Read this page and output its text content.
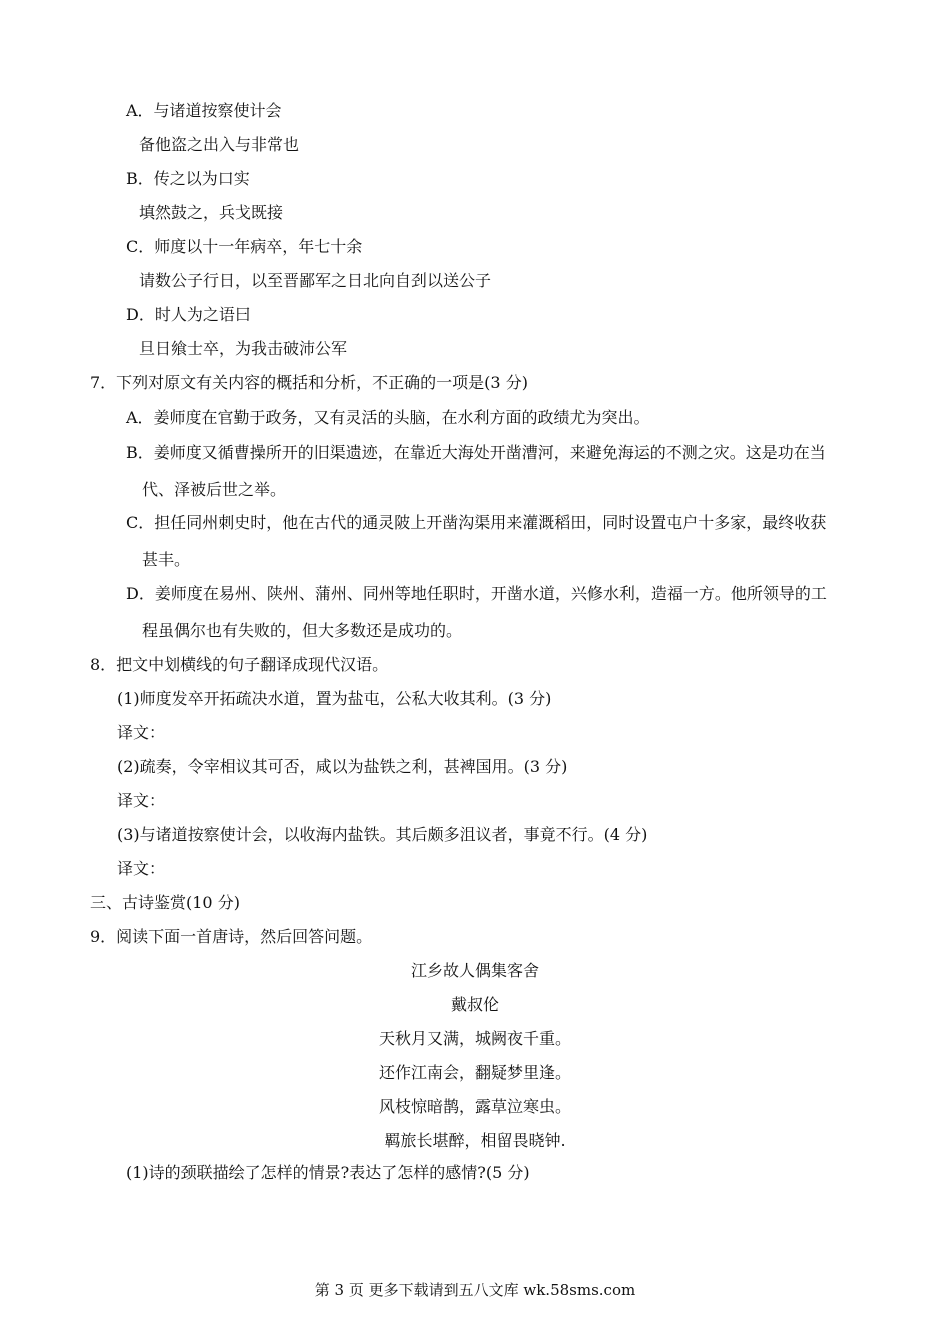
A．与诸道按察使计会
备他盗之出入与非常也
B．传之以为口实
填然鼓之，兵戈既接
C．师度以十一年病卒，年七十余
请数公子行日，以至晋鄙军之日北向自刭以送公子
D．时人为之语曰
旦日飨士卒，为我击破沛公军
7．下列对原文有关内容的概括和分析，不正确的一项是(3 分)
A．姜师度在官勤于政务，又有灵活的头脑，在水利方面的政绩尤为突出。
B．姜师度又循曹操所开的旧渠遗迹，在靠近大海处开凿漕河，来避免海运的不测之灾。这是功在当
代、泽被后世之举。
C．担任同州刺史时，他在古代的通灵陂上开凿沟渠用来灌溉稻田，同时设置屯户十多家，最终收获
甚丰。
D．姜师度在易州、陕州、蒲州、同州等地任职时，开凿水道，兴修水利，造福一方。他所领导的工
程虽偶尔也有失败的，但大多数还是成功的。
8．把文中划横线的句子翻译成现代汉语。
(1)师度发卒开拓疏决水道，置为盐屯，公私大收其利。(3 分)
译文：
(2)疏奏，令宰相议其可否，咸以为盐铁之利，甚裨国用。(3 分)
译文：
(3)与诸道按察使计会，以收海内盐铁。其后颇多沮议者，事竟不行。(4 分)
译文：
三、古诗鉴赏(10 分)
9．阅读下面一首唐诗，然后回答问题。
江乡故人偶集客舍
戴叔伦
天秋月又满，城阙夜千重。
还作江南会，翻疑梦里逢。
风枝惊暗鹊，露草泣寒虫。
羁旅长堪醉，相留畏晓钟.
(1)诗的颈联描绘了怎样的情景?表达了怎样的感情?(5 分)
第 3 页 更多下载请到五八文库 wk.58sms.com
